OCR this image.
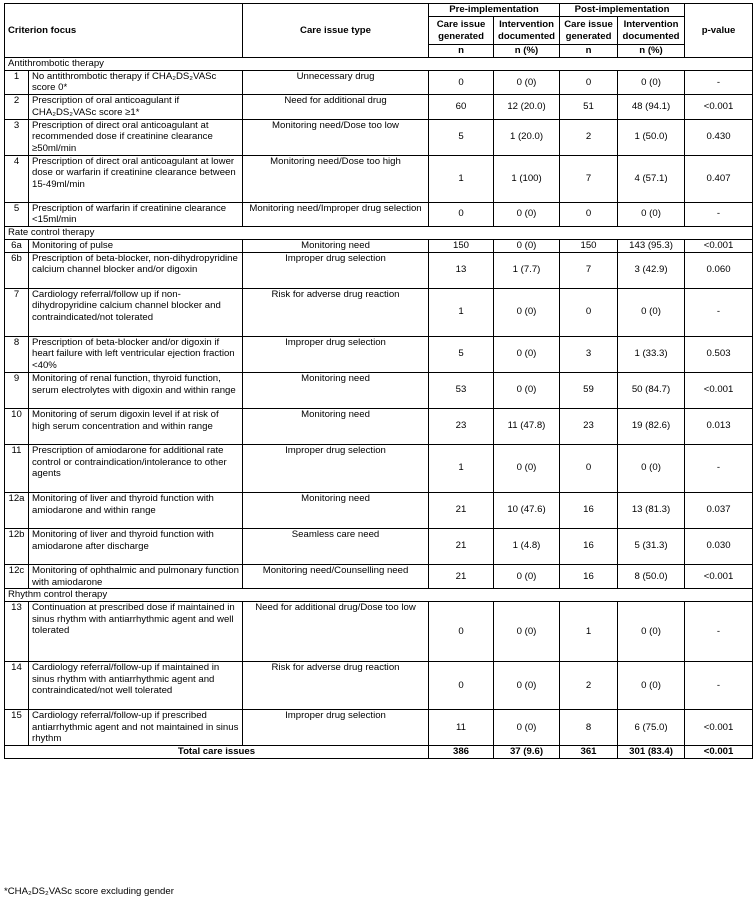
Criterion focus		Care issue type	Pre-implementation		Post-implementation		p-value
			Care issue generated	Intervention documented	Care issue generated	Intervention documented	
			n	n (%)	n	n (%)	
Antithrombotic therapy							
1	No antithrombotic therapy if CHA₂DS₂VASc score 0*	Unnecessary drug	0	0 (0)	0	0 (0)	-
2	Prescription of oral anticoagulant if CHA₂DS₂VASc score ≥1*	Need for additional drug	60	12 (20.0)	51	48 (94.1)	<0.001
3	Prescription of direct oral anticoagulant at recommended dose if creatinine clearance ≥50ml/min	Monitoring need/Dose too low	5	1 (20.0)	2	1 (50.0)	0.430
4	Prescription of direct oral anticoagulant at lower dose or warfarin if creatinine clearance between 15-49ml/min	Monitoring need/Dose too high	1	1 (100)	7	4 (57.1)	0.407
5	Prescription of warfarin if creatinine clearance <15ml/min	Monitoring need/Improper drug selection	0	0 (0)	0	0 (0)	-
Rate control therapy							
6a	Monitoring of pulse	Monitoring need	150	0 (0)	150	143 (95.3)	<0.001
6b	Prescription of beta-blocker, non-dihydropyridine calcium channel blocker and/or digoxin	Improper drug selection	13	1 (7.7)	7	3 (42.9)	0.060
7	Cardiology referral/follow up if non-dihydropyridine calcium channel blocker and contraindicated/not tolerated	Risk for adverse drug reaction	1	0 (0)	0	0 (0)	-
8	Prescription of beta-blocker and/or digoxin if heart failure with left ventricular ejection fraction <40%	Improper drug selection	5	0 (0)	3	1 (33.3)	0.503
9	Monitoring of renal function, thyroid function, serum electrolytes with digoxin and within range	Monitoring need	53	0 (0)	59	50 (84.7)	<0.001
10	Monitoring of serum digoxin level if at risk of high serum concentration and within range	Monitoring need	23	11 (47.8)	23	19 (82.6)	0.013
11	Prescription of amiodarone for additional rate control or contraindication/intolerance to other agents	Improper drug selection	1	0 (0)	0	0 (0)	-
12a	Monitoring of liver and thyroid function with amiodarone and within range	Monitoring need	21	10 (47.6)	16	13 (81.3)	0.037
12b	Monitoring of liver and thyroid function with amiodarone after discharge	Seamless care need	21	1 (4.8)	16	5 (31.3)	0.030
12c	Monitoring of ophthalmic and pulmonary function with amiodarone	Monitoring need/Counselling need	21	0 (0)	16	8 (50.0)	<0.001
Rhythm control therapy							
13	Continuation at prescribed dose if maintained in sinus rhythm with antiarrhythmic agent and well tolerated	Need for additional drug/Dose too low	0	0 (0)	1	0 (0)	-
14	Cardiology referral/follow-up if maintained in sinus rhythm with antiarrhythmic agent and contraindicated/not well tolerated	Risk for adverse drug reaction	0	0 (0)	2	0 (0)	-
15	Cardiology referral/follow-up if prescribed antiarrhythmic agent and not maintained in sinus rhythm	Improper drug selection	11	0 (0)	8	6 (75.0)	<0.001
Total care issues			386	37 (9.6)	361	301 (83.4)	<0.001
*CHA₂DS₂VASc score excluding gender
